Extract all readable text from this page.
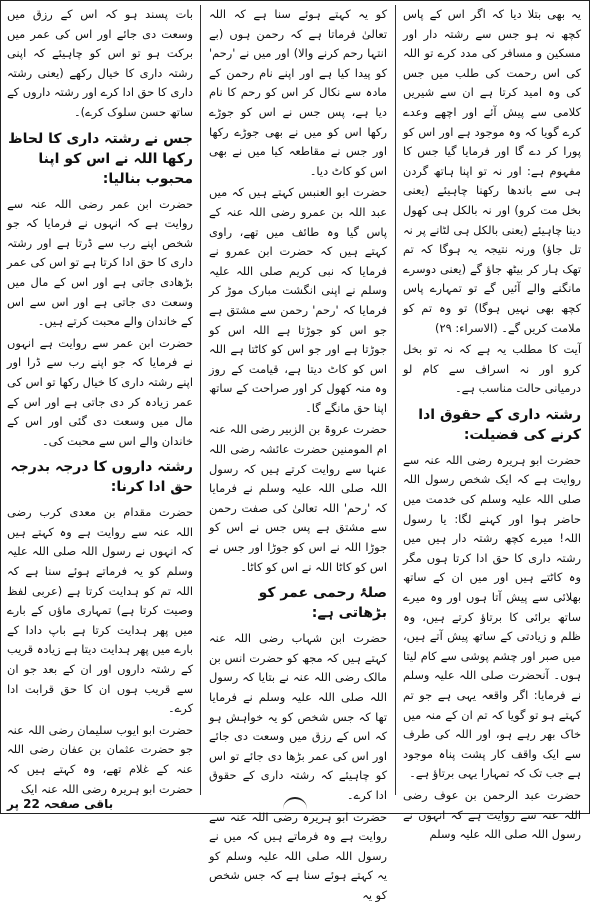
یہ بھی بتلا دیا کہ اگر اس کے پاس کچھ نہ ہو جس سے رشتہ دار اور مسکین و مسافر کی مدد کرے تو اللہ کی اس رحمت کی طلب میں جس کی وہ امید کرتا ہے ان سے شیریں کلامی سے پیش آئے اور اچھے وعدے کرے گویا کہ وہ موجود ہے اور اس کو پورا کر دے گا اور فرمایا گیا جس کا مفہوم ہے: اور نہ تو اپنا ہاتھ گردن ہی سے باندھا رکھنا چاہیئے (یعنی بخل مت کرو) اور نہ بالکل ہی کھول دینا چاہیئے (یعنی بالکل ہی لٹانے پر نہ تل جاؤ) ورنہ نتیجہ یہ ہوگا کہ تم تھک ہار کر بیٹھ جاؤ گے (یعنی دوسرے مانگنے والے آئیں گے تو تمہارے پاس کچھ بھی نہیں ہوگا) تو وہ تم کو ملامت کریں گے۔ (الاسراء: ۲۹)

آیت کا مطلب یہ ہے کہ نہ تو بخل کرو اور نہ اسراف سے کام لو درمیانی حالت مناسب ہے۔

رشتہ داری کے حقوق ادا کرنے کی فضیلت:

حضرت ابو ہریرہ رضی اللہ عنہ سے روایت ہے کہ ایک شخص رسول اللہ صلی اللہ علیہ وسلم کی خدمت میں حاضر ہوا اور کہنے لگا: یا رسول اللہ! میرے کچھ رشتہ دار ہیں میں رشتہ داری کا حق ادا کرتا ہوں مگر وہ کاٹتے ہیں اور میں ان کے ساتھ بھلائی سے پیش آتا ہوں اور وہ میرے ساتھ برائی کا برتاؤ کرتے ہیں، وہ ظلم و زیادتی کے ساتھ پیش آتے ہیں، میں صبر اور چشم پوشی سے کام لیتا ہوں۔ آنحضرت صلی اللہ علیہ وسلم نے فرمایا: اگر واقعہ یہی ہے جو تم کہتے ہو تو گویا کہ تم ان کے منہ میں خاک بھر رہے ہو، اور اللہ کی طرف سے ایک واقف کار پشت پناہ موجود ہے جب تک کہ تمہارا یہی برتاؤ ہے۔

حضرت عبد الرحمن بن عوف رضی اللہ عنہ سے روایت ہے کہ انہوں نے رسول اللہ صلی اللہ علیہ وسلم

کو یہ کہتے ہوئے سنا ہے کہ اللہ تعالیٰ فرماتا ہے کہ رحمن ہوں (بے انتہا رحم کرنے والا) اور میں نے 'رحم' کو پیدا کیا ہے اور اپنے نام رحمن کے مادہ سے نکال کر اس کو رحم کا نام دیا ہے، پس جس نے اس کو جوڑے رکھا اس کو میں نے بھی جوڑے رکھا اور جس نے مقاطعہ کیا میں نے بھی اس کو کاٹ دیا۔

حضرت ابو العنبس کہتے ہیں کہ میں عبد اللہ بن عمرو رضی اللہ عنہ کے پاس گیا وہ طائف میں تھے، راوی کہتے ہیں کہ حضرت ابن عمرو نے فرمایا کہ نبی کریم صلی اللہ علیہ وسلم نے اپنی انگشت مبارک موڑ کر فرمایا کہ 'رحم' رحمن سے مشتق ہے جو اس کو جوڑتا ہے اللہ اس کو جوڑتا ہے اور جو اس کو کاٹتا ہے اللہ اس کو کاٹ دیتا ہے، قیامت کے روز وہ منہ کھول کر اور صراحت کے ساتھ اپنا حق مانگے گا۔

حضرت عروۃ بن الزبیر رضی اللہ عنہ ام المومنین حضرت عائشہ رضی اللہ عنہا سے روایت کرتے ہیں کہ رسول اللہ صلی اللہ علیہ وسلم نے فرمایا کہ 'رحم' اللہ تعالیٰ کی صفت رحمن سے مشتق ہے پس جس نے اس کو جوڑا اللہ نے اس کو جوڑا اور جس نے اس کو کاٹا اللہ نے اس کو کاٹا۔

صلۂ رحمی عمر کو بڑھاتی ہے:

حضرت ابن شہاب رضی اللہ عنہ کہتے ہیں کہ مجھ کو حضرت انس بن مالک رضی اللہ عنہ نے بتایا کہ رسول اللہ صلی اللہ علیہ وسلم نے فرمایا تھا کہ جس شخص کو یہ خواہش ہو کہ اس کے رزق میں وسعت دی جائے اور اس کی عمر بڑھا دی جائے تو اس کو چاہیئے کہ رشتہ داری کے حقوق ادا کرے۔

حضرت ابو ہریرہ رضی اللہ عنہ سے روایت ہے وہ فرماتے ہیں کہ میں نے رسول اللہ صلی اللہ علیہ وسلم کو یہ کہتے ہوئے سنا ہے کہ جس شخص کو یہ

بات پسند ہو کہ اس کے رزق میں وسعت دی جائے اور اس کی عمر میں برکت ہو تو اس کو چاہیئے کہ اپنی رشتہ داری کا خیال رکھے (یعنی رشتہ داری کا حق ادا کرے اور رشتہ داروں کے ساتھ حسن سلوک کرے)۔

جس نے رشتہ داری کا لحاظ رکھا اللہ نے اس کو اپنا محبوب بنالیا:

حضرت ابن عمر رضی اللہ عنہ سے روایت ہے کہ انہوں نے فرمایا کہ جو شخص اپنے رب سے ڈرتا ہے اور رشتہ داری کا حق ادا کرتا ہے تو اس کی عمر بڑھادی جاتی ہے اور اس کے مال میں وسعت دی جاتی ہے اور اس سے اس کے خاندان والے محبت کرتے ہیں۔

حضرت ابن عمر سے روایت ہے انہوں نے فرمایا کہ جو اپنے رب سے ڈرا اور اپنے رشتہ داری کا خیال رکھا تو اس کی عمر زیادہ کر دی جاتی ہے اور اس کے مال میں وسعت دی گئی اور اس کے خاندان والے اس سے محبت کی۔

رشتہ داروں کا درجہ بدرجہ حق ادا کرنا:

حضرت مقدام بن معدی کرب رضی اللہ عنہ سے روایت ہے وہ کہتے ہیں کہ انہوں نے رسول اللہ صلی اللہ علیہ وسلم کو یہ فرماتے ہوئے سنا ہے کہ اللہ تم کو ہدایت کرتا ہے (عربی لفظ وصیت کرتا ہے) تمہاری ماؤں کے بارے میں پھر ہدایت کرتا ہے باپ دادا کے بارے میں پھر ہدایت دیتا ہے زیادہ قریب کے رشتہ داروں اور ان کے بعد جو ان سے قریب ہوں ان کا حق قرابت ادا کرے۔

حضرت ابو ایوب سلیمان رضی اللہ عنہ جو حضرت عثمان بن عفان رضی اللہ عنہ کے غلام تھے، وہ کہتے ہیں کہ حضرت ابو ہریرہ رضی اللہ عنہ ایک

باقی صفحہ 22 پر
